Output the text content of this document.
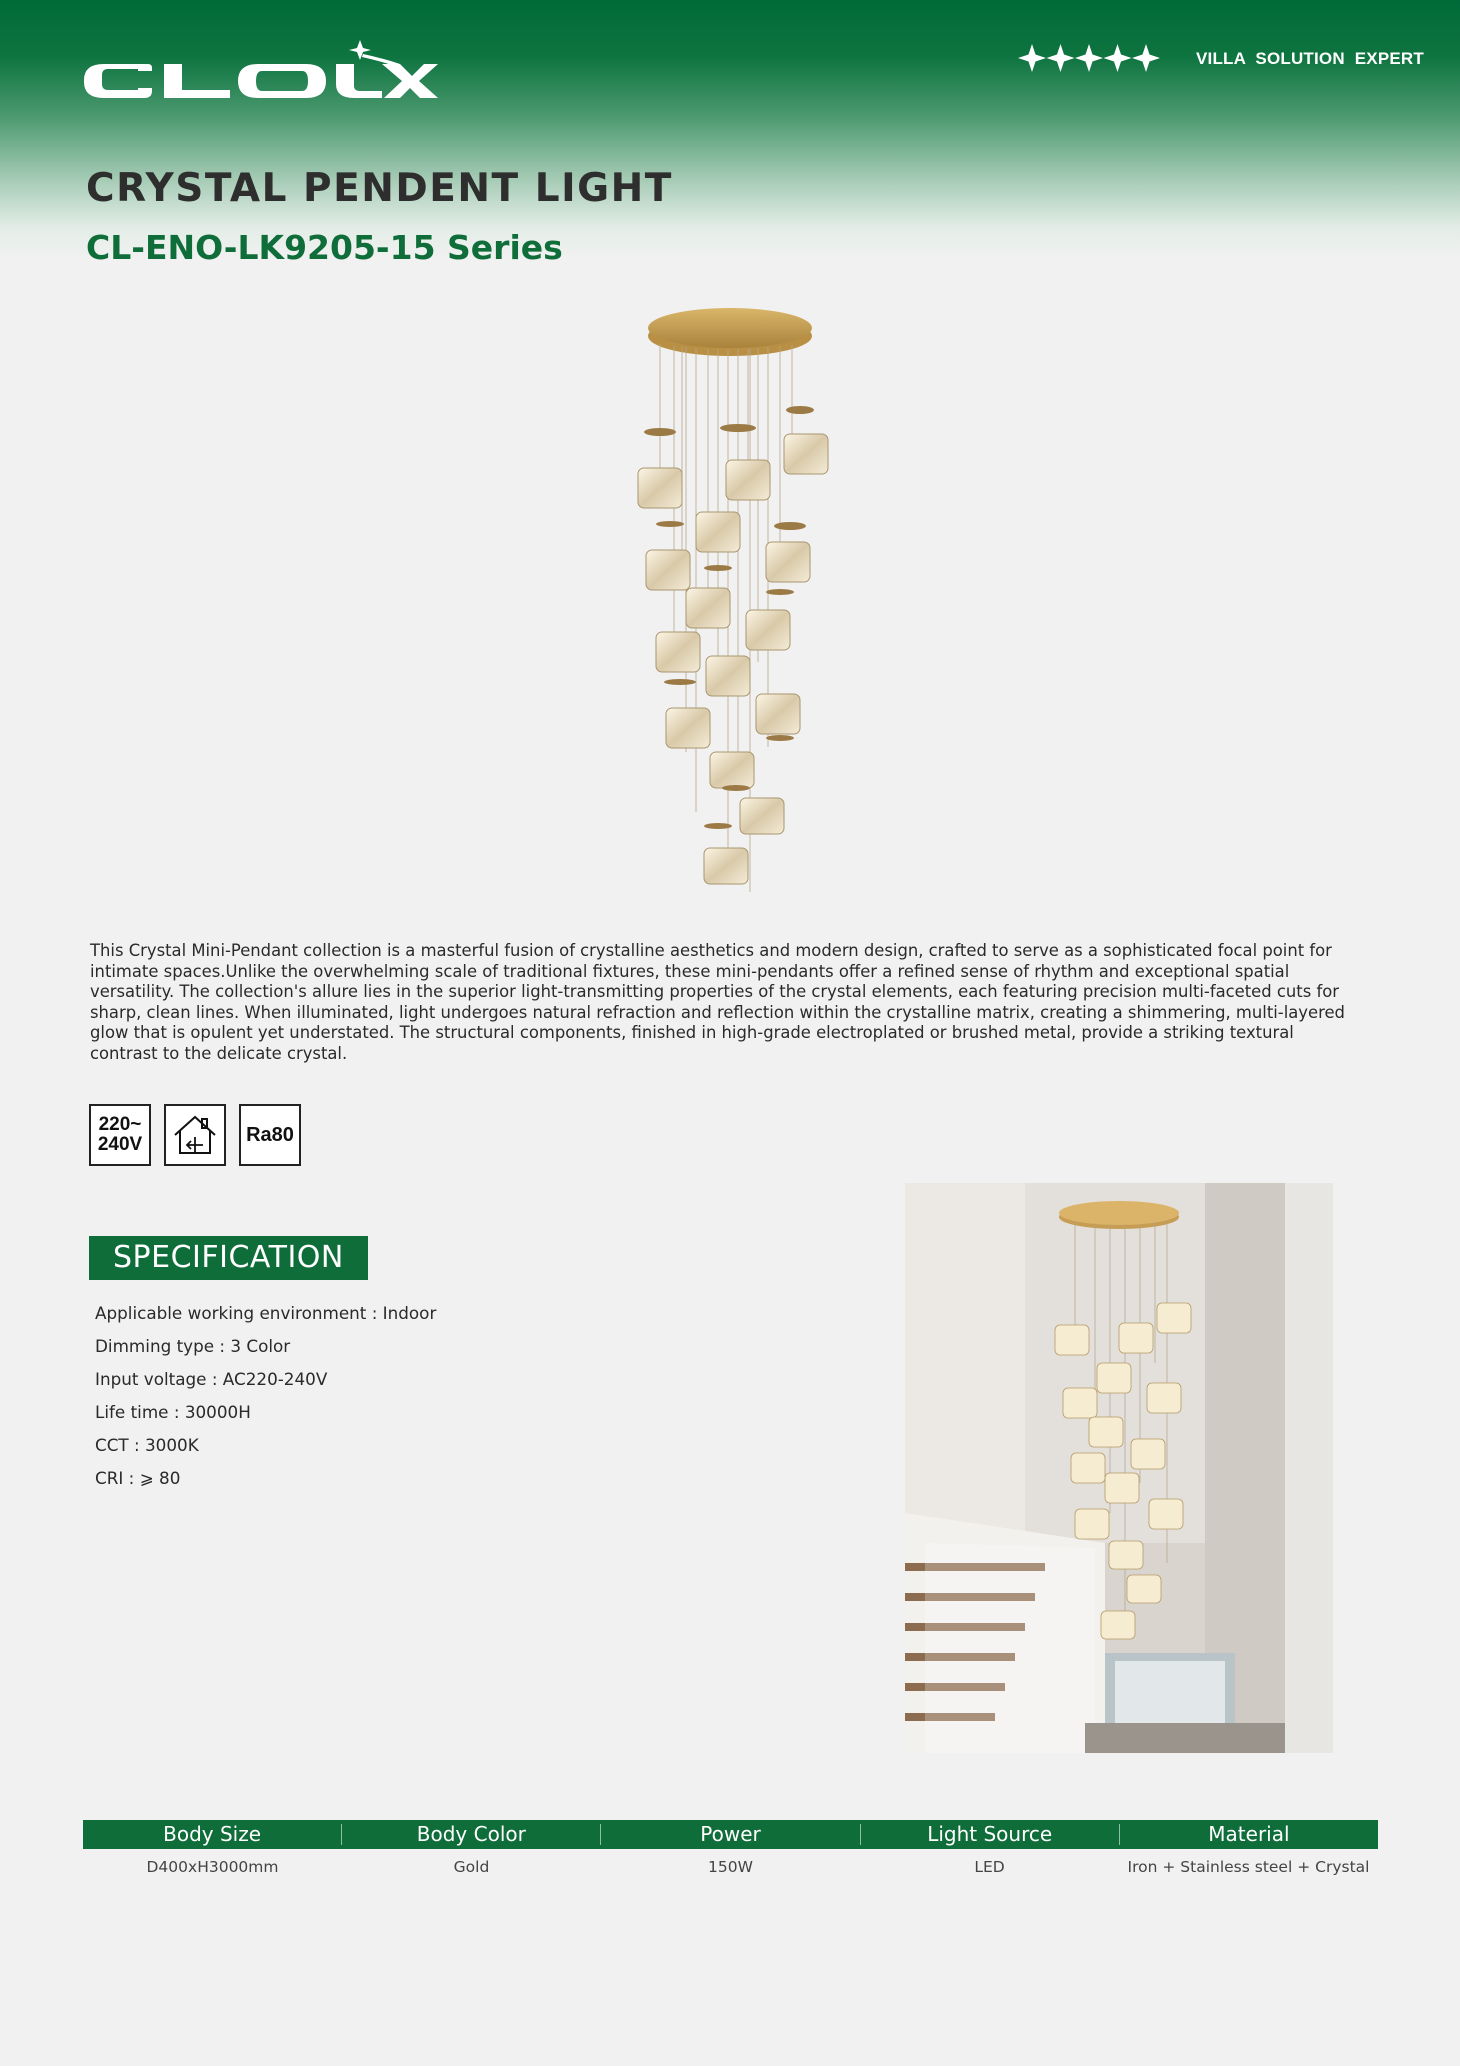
VILLA SOLUTION EXPERT
CRYSTAL PENDENT LIGHT
CL-ENO-LK9205-15 Series

This Crystal Mini-Pendant collection is a masterful fusion of crystalline aesthetics and modern design, crafted to serve as a sophisticated focal point for intimate spaces.Unlike the overwhelming scale of traditional fixtures, these mini-pendants offer a refined sense of rhythm and exceptional spatial versatility. The collection's allure lies in the superior light-transmitting properties of the crystal elements, each featuring precision multi-faceted cuts for sharp, clean lines. When illuminated, light undergoes natural refraction and reflection within the crystalline matrix, creating a shimmering, multi-layered glow that is opulent yet understated. The structural components, finished in high-grade electroplated or brushed metal, provide a striking textural contrast to the delicate crystal.

220~
240V	Ra80
SPECIFICATION
Applicable working environment : Indoor
Dimming type : 3 Color
Input voltage : AC220-240V
Life time : 30000H
CCT : 3000K
CRI : ⩾ 80
Body Size	Body Color	Power	Light Source	Material
D400xH3000mm	Gold	150W	LED	Iron + Stainless steel + Crystal
